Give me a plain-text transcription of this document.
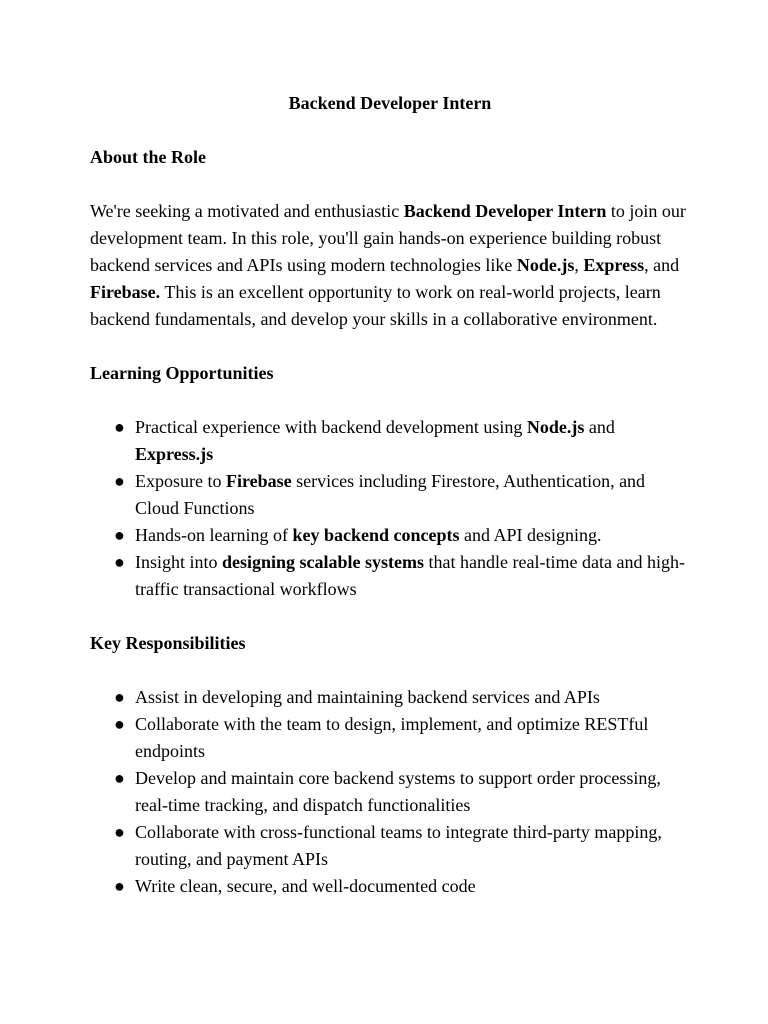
Backend Developer Intern
About the Role

We're seeking a motivated and enthusiastic Backend Developer Intern to join our development team. In this role, you'll gain hands-on experience building robust backend services and APIs using modern technologies like Node.js, Express, and Firebase. This is an excellent opportunity to work on real-world projects, learn backend fundamentals, and develop your skills in a collaborative environment.

Learning Opportunities
● Practical experience with backend development using Node.js and
Express.js
● Exposure to Firebase services including Firestore, Authentication, and Cloud Functions
● Hands-on learning of key backend concepts and API designing.
● Insight into designing scalable systems that handle real-time data and high-traffic transactional workflows
Key Responsibilities
● Assist in developing and maintaining backend services and APIs
● Collaborate with the team to design, implement, and optimize RESTful endpoints
● Develop and maintain core backend systems to support order processing, real-time tracking, and dispatch functionalities
● Collaborate with cross-functional teams to integrate third-party mapping, routing, and payment APIs
● Write clean, secure, and well-documented code
